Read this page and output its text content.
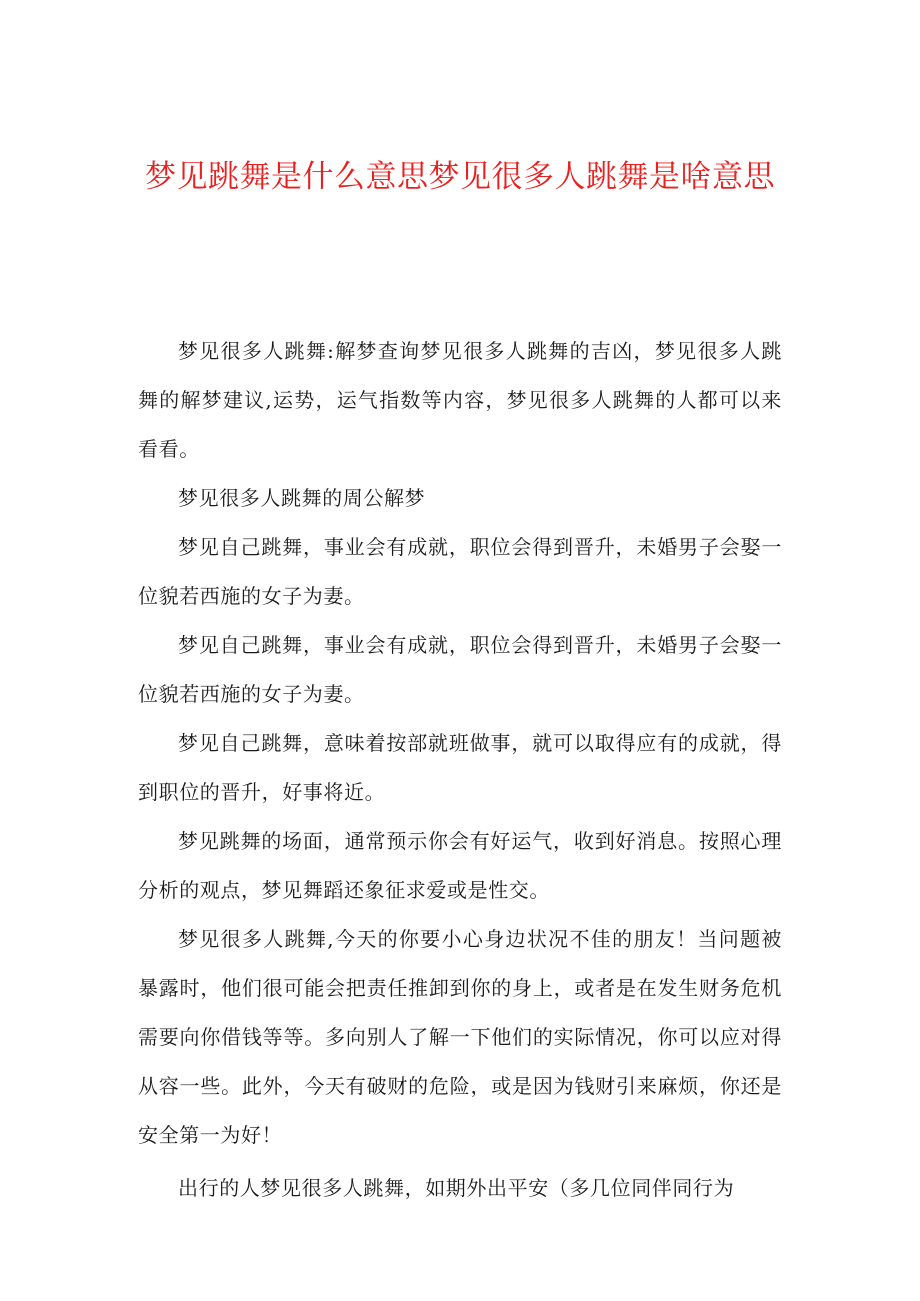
梦见跳舞是什么意思梦见很多人跳舞是啥意思

梦见很多人跳舞:解梦查询梦见很多人跳舞的吉凶，梦见很多人跳舞的解梦建议,运势，运气指数等内容，梦见很多人跳舞的人都可以来看看。

梦见很多人跳舞的周公解梦

梦见自己跳舞，事业会有成就，职位会得到晋升，未婚男子会娶一位貌若西施的女子为妻。

梦见自己跳舞，事业会有成就，职位会得到晋升，未婚男子会娶一位貌若西施的女子为妻。

梦见自己跳舞，意味着按部就班做事，就可以取得应有的成就，得到职位的晋升，好事将近。

梦见跳舞的场面，通常预示你会有好运气，收到好消息。按照心理分析的观点，梦见舞蹈还象征求爱或是性交。

梦见很多人跳舞,今天的你要小心身边状况不佳的朋友！当问题被暴露时，他们很可能会把责任推卸到你的身上，或者是在发生财务危机需要向你借钱等等。多向别人了解一下他们的实际情况，你可以应对得从容一些。此外，今天有破财的危险，或是因为钱财引来麻烦，你还是安全第一为好！

出行的人梦见很多人跳舞，如期外出平安（多几位同伴同行为
